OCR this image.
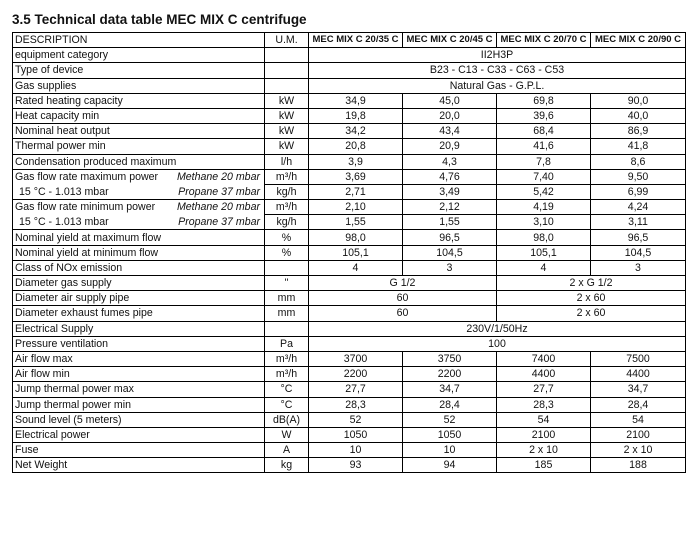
3.5 Technical data table MEC MIX C centrifuge
DESCRIPTION	U.M.	MEC MIX C 20/35 C	MEC MIX C 20/45 C	MEC MIX C 20/70 C	MEC MIX C 20/90 C
equipment category		II2H3P			
Type of device		B23 - C13 - C33 - C63 - C53			
Gas supplies		Natural Gas - G.P.L.			
Rated heating capacity	kW	34,9	45,0	69,8	90,0
Heat capacity min	kW	19,8	20,0	39,6	40,0
Nominal heat output	kW	34,2	43,4	68,4	86,9
Thermal power min	kW	20,8	20,9	41,6	41,8
Condensation produced maximum	l/h	3,9	4,3	7,8	8,6
Gas flow rate maximum power Methane 20 mbar	m³/h	3,69	4,76	7,40	9,50
15 °C - 1.013 mbar Propane 37 mbar	kg/h	2,71	3,49	5,42	6,99
Gas flow rate minimum power Methane 20 mbar	m³/h	2,10	2,12	4,19	4,24
15 °C - 1.013 mbar Propane 37 mbar	kg/h	1,55	1,55	3,10	3,11
Nominal yield at maximum flow	%	98,0	96,5	98,0	96,5
Nominal yield at minimum flow	%	105,1	104,5	105,1	104,5
Class of NOx emission		4	3	4	3
Diameter gas supply	"	G 1/2		2 x G 1/2	
Diameter air supply pipe	mm	60		2 x 60	
Diameter exhaust fumes pipe	mm	60		2 x 60	
Electrical Supply		230V/1/50Hz			
Pressure ventilation	Pa	100			
Air flow max	m³/h	3700	3750	7400	7500
Air flow min	m³/h	2200	2200	4400	4400
Jump thermal power max	°C	27,7	34,7	27,7	34,7
Jump thermal power min	°C	28,3	28,4	28,3	28,4
Sound level (5 meters)	dB(A)	52	52	54	54
Electrical power	W	1050	1050	2100	2100
Fuse	A	10	10	2 x 10	2 x 10
Net Weight	kg	93	94	185	188
